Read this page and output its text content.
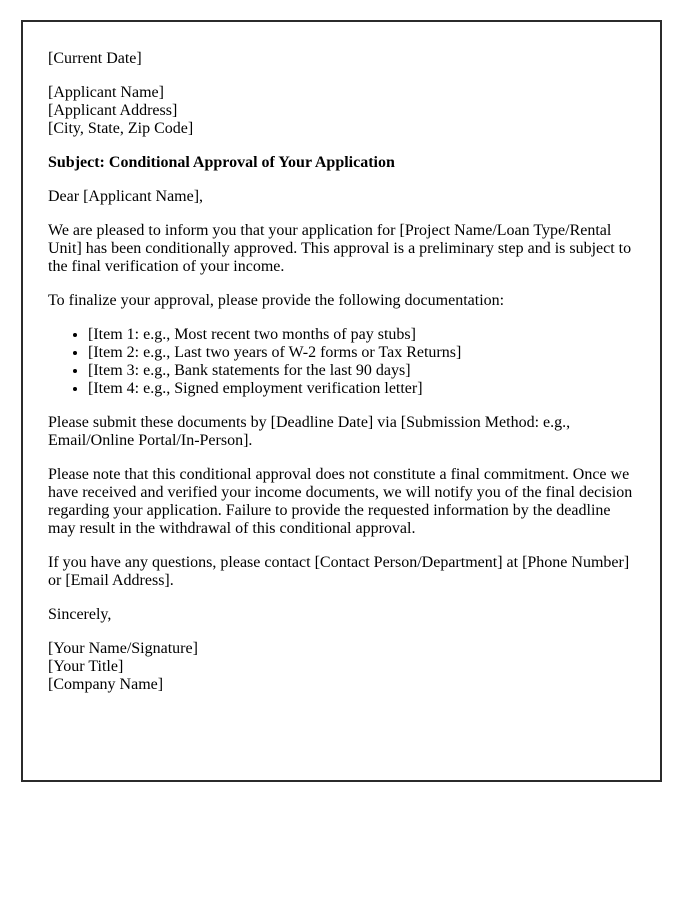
[Current Date]

[Applicant Name]
[Applicant Address]
[City, State, Zip Code]

Subject: Conditional Approval of Your Application

Dear [Applicant Name],

We are pleased to inform you that your application for [Project Name/Loan Type/Rental Unit] has been conditionally approved. This approval is a preliminary step and is subject to the final verification of your income.

To finalize your approval, please provide the following documentation:

• [Item 1: e.g., Most recent two months of pay stubs]
• [Item 2: e.g., Last two years of W-2 forms or Tax Returns]
• [Item 3: e.g., Bank statements for the last 90 days]
• [Item 4: e.g., Signed employment verification letter]

Please submit these documents by [Deadline Date] via [Submission Method: e.g., Email/Online Portal/In-Person].

Please note that this conditional approval does not constitute a final commitment. Once we have received and verified your income documents, we will notify you of the final decision regarding your application. Failure to provide the requested information by the deadline may result in the withdrawal of this conditional approval.

If you have any questions, please contact [Contact Person/Department] at [Phone Number] or [Email Address].

Sincerely,

[Your Name/Signature]
[Your Title]
[Company Name]
